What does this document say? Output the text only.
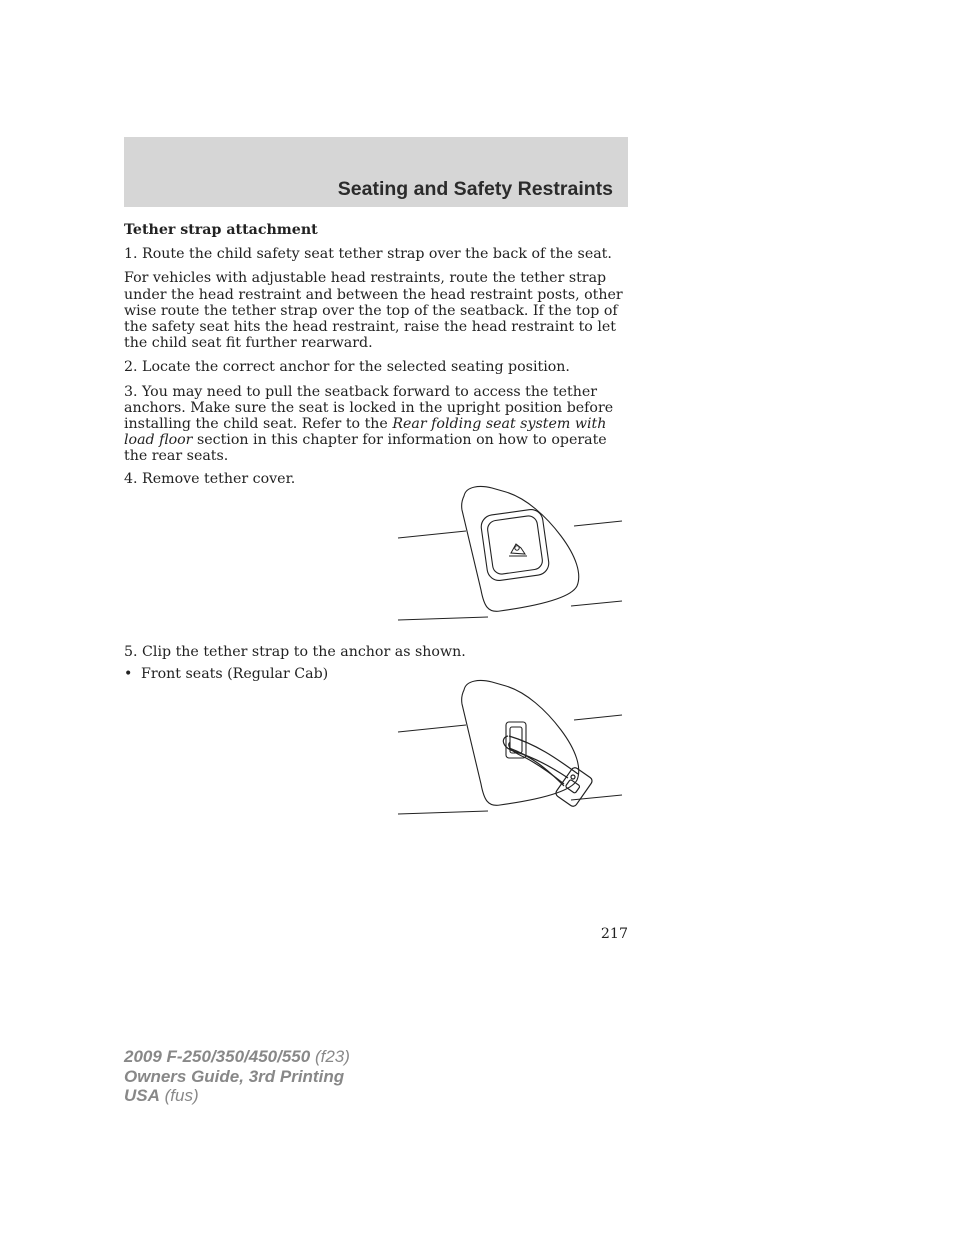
Seating and Safety Restraints

Tether strap attachment

1. Route the child safety seat tether strap over the back of the seat.

For vehicles with adjustable head restraints, route the tether strap under the head restraint and between the head restraint posts, other wise route the tether strap over the top of the seatback. If the top of the safety seat hits the head restraint, raise the head restraint to let the child seat fit further rearward.

2. Locate the correct anchor for the selected seating position.

3. You may need to pull the seatback forward to access the tether anchors. Make sure the seat is locked in the upright position before installing the child seat. Refer to the Rear folding seat system with load floor section in this chapter for information on how to operate the rear seats.

4. Remove tether cover.

5. Clip the tether strap to the anchor as shown.

• Front seats (Regular Cab)
217
2009 F-250/350/450/550 (f23)
Owners Guide, 3rd Printing
USA (fus)
